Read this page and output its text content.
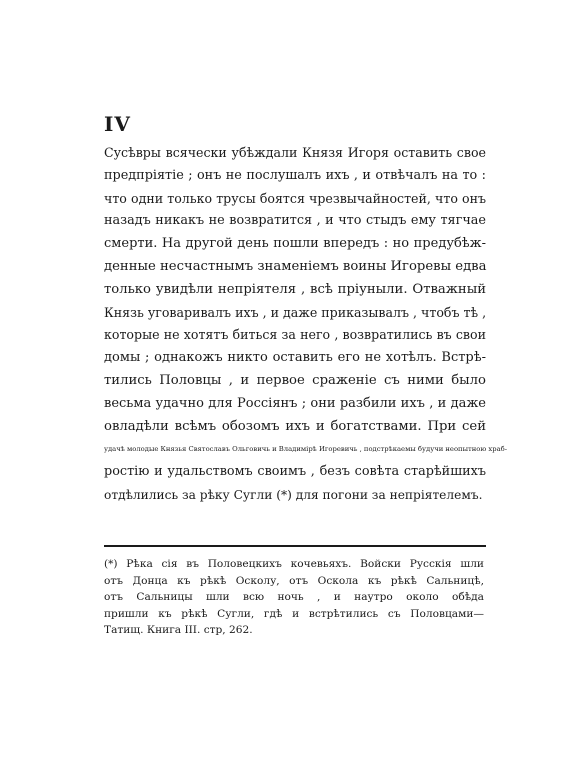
IV
Сусѣвры всячески убѣждали Князя Игоря оставить свое
предпріятіе ; онъ не послушалъ ихъ , и отвѣчалъ на то :
что одни только трусы боятся чрезвычайностей, что онъ
назадъ никакъ не возвратится , и что стыдъ ему тягчае
смерти. На другой день пошли впередъ : но предубѣж-
денные несчастнымъ знаменіемъ воины Игоревы едва
только увидѣли непріятеля , всѣ пріуныли. Отважный
Князь уговаривалъ ихъ , и даже приказывалъ , чтобъ тѣ ,
которые не хотятъ биться за него , возвратились въ свои
домы ; однакожъ никто оставить его не хотѣлъ. Встрѣ-
тились Половцы , и первое сраженіе съ ними было
весьма удачно для Россіянъ ; они разбили ихъ , и даже
овладѣли всѣмъ обозомъ ихъ и богатствами. При сей
удачѣ молодые Князья Святославъ Ольговичь и Владимірѣ Игоревичь , подстрѣкаемы будучи неопытною храб-
ростію и удальствомъ своимъ , безъ совѣта старѣйшихъ
отдѣлились за рѣку Сугли (*) для погони за непріятелемъ.
(*) Рѣка сія въ Половецкихъ кочевьяхъ. Войски Русскія шли
отъ Донца къ рѣкѣ Осколу, отъ Оскола къ рѣкѣ Сальницѣ,
отъ Сальницы шли всю ночь , и наутро около обѣда
пришли къ рѣкѣ Сугли, гдѣ и встрѣтились съ Половцами—
Татищ. Книга III. стр, 262.
